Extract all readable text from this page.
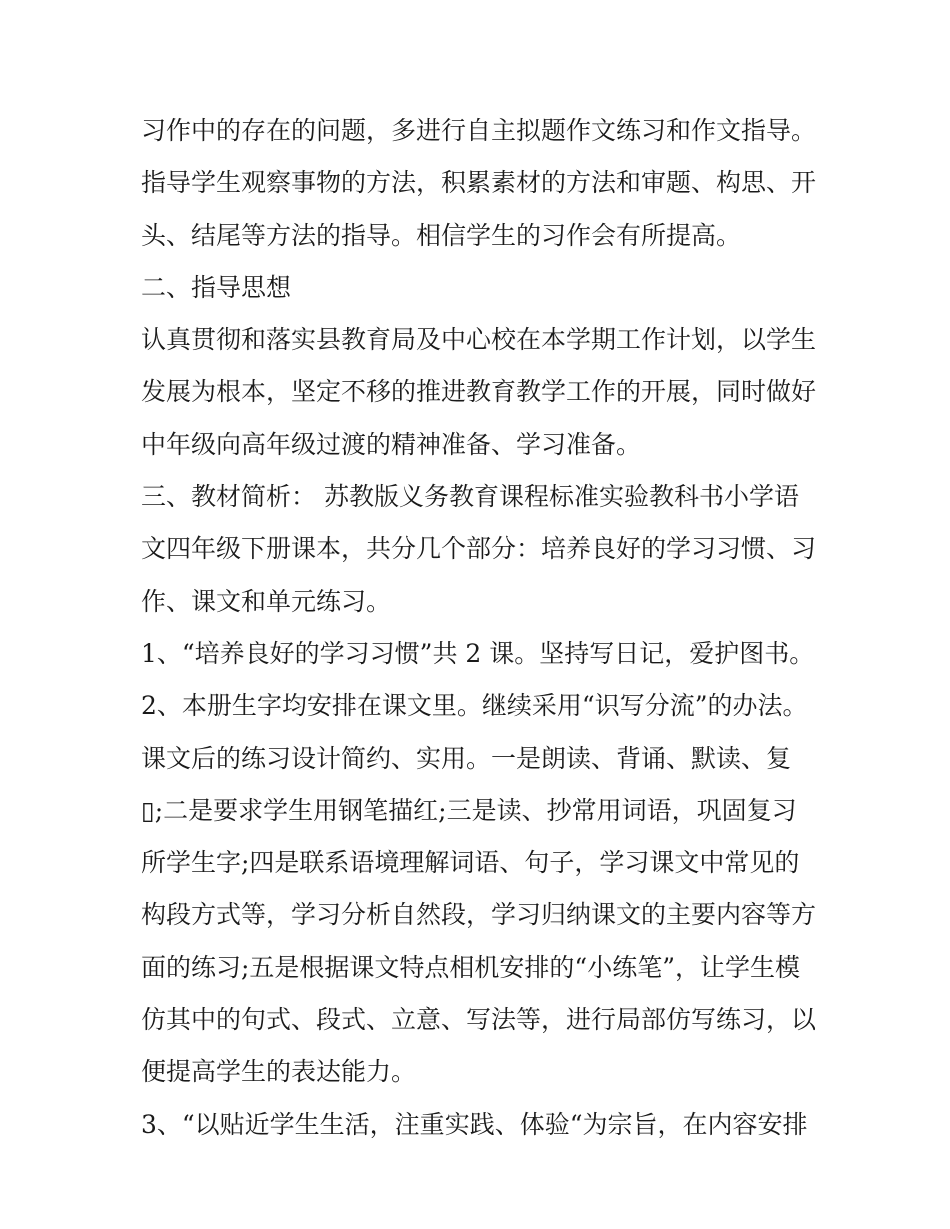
习作中的存在的问题，多进行自主拟题作文练习和作文指导。
指导学生观察事物的方法，积累素材的方法和审题、构思、开
头、结尾等方法的指导。相信学生的习作会有所提高。
二、指导思想
认真贯彻和落实县教育局及中心校在本学期工作计划，以学生
发展为根本，坚定不移的推进教育教学工作的开展，同时做好
中年级向高年级过渡的精神准备、学习准备。
三、教材简析： 苏教版义务教育课程标准实验教科书小学语
文四年级下册课本，共分几个部分：培养良好的学习习惯、习
作、课文和单元练习。
1、“培养良好的学习习惯”共 2 课。坚持写日记，爱护图书。
2、本册生字均安排在课文里。继续采用“识写分流”的办法。
课文后的练习设计简约、实用。一是朗读、背诵、默读、复
▯;二是要求学生用钢笔描红;三是读、抄常用词语，巩固复习
所学生字;四是联系语境理解词语、句子，学习课文中常见的
构段方式等，学习分析自然段，学习归纳课文的主要内容等方
面的练习;五是根据课文特点相机安排的“小练笔”，让学生模
仿其中的句式、段式、立意、写法等，进行局部仿写练习，以
便提高学生的表达能力。
3、“以贴近学生生活，注重实践、体验“为宗旨，在内容安排
